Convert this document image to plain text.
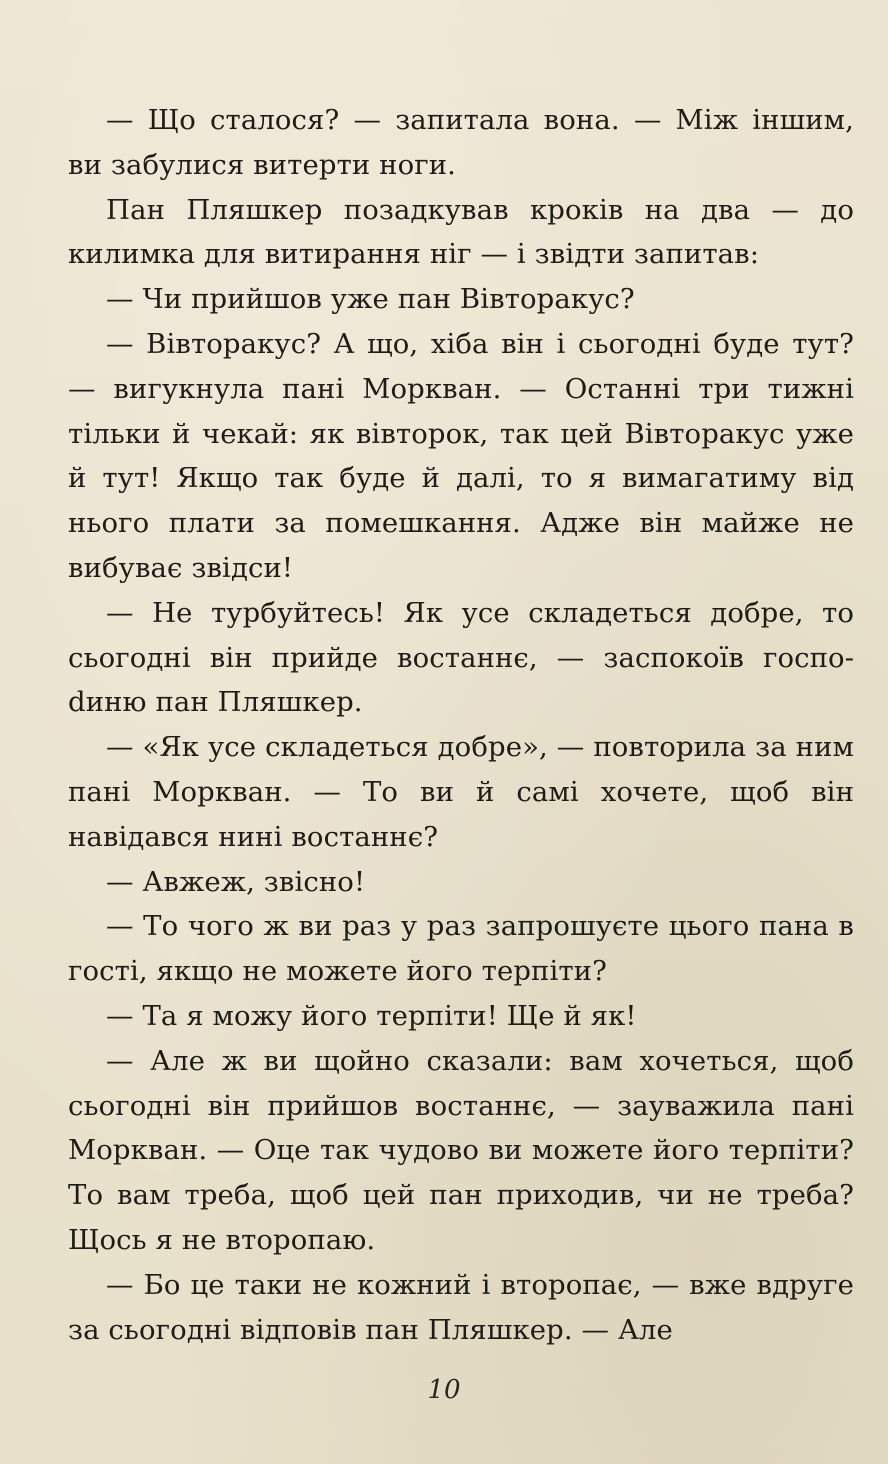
— Що сталося? — запитала вона. — Між іншим, ви забулися витерти ноги.

Пан Пляшкер позадкував кроків на два — до килимка для витирання ніг — і звідти запитав:

— Чи прийшов уже пан Вівторакус?

— Вівторакус? А що, хіба він і сьогодні буде тут? — вигукнула пані Моркван. — Останні три тижні тільки й чекай: як вівторок, так цей Вівторакус уже й тут! Якщо так буде й далі, то я вимагатиму від нього плати за помешкання. Адже він майже не вибуває звідси!

— Не турбуйтесь! Як усе складеться добре, то сьогодні він прийде востаннє, — заспокоїв госпоdиню пан Пляшкер.

— «Як усе складеться добре», — повторила за ним пані Моркван. — То ви й самі хочете, щоб він навідався нині востаннє?

— Авжеж, звісно!

— То чого ж ви раз у раз запрошуєте цього пана в гості, якщо не можете його терпіти?

— Та я можу його терпіти! Ще й як!

— Але ж ви щойно сказали: вам хочеться, щоб сьогодні він прийшов востаннє, — зауважила пані Моркван. — Оце так чудово ви можете його терпіти? То вам треба, щоб цей пан приходив, чи не треба? Щось я не второпаю.

— Бо це таки не кожний і второпає, — вже вдруге за сьогодні відповів пан Пляшкер. — Але

10
